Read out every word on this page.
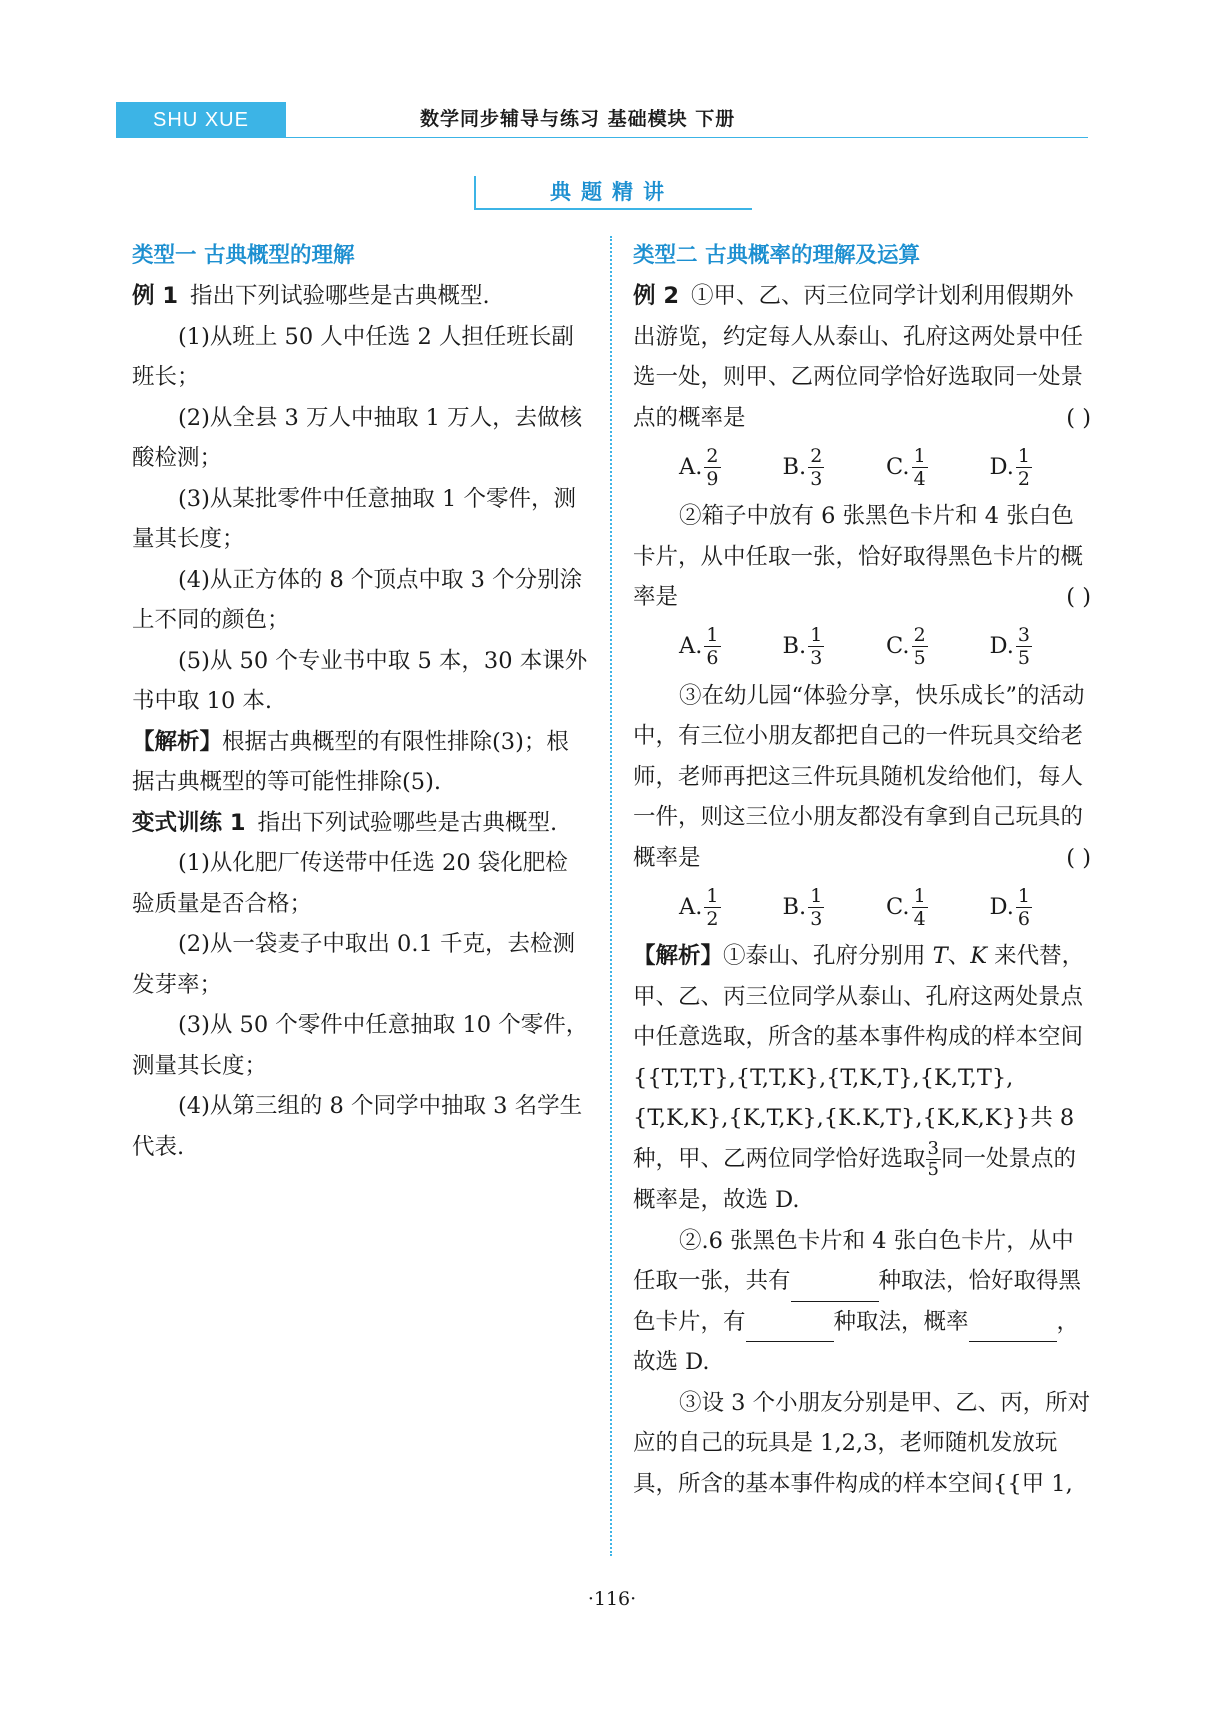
SHU XUE	数学同步辅导与练习 基础模块 下册
典题精讲

类型一 古典概型的理解

例 1 指出下列试验哪些是古典概型.

(1)从班上 50 人中任选 2 人担任班长副班长；

(2)从全县 3 万人中抽取 1 万人，去做核酸检测；

(3)从某批零件中任意抽取 1 个零件，测量其长度；

(4)从正方体的 8 个顶点中取 3 个分别涂上不同的颜色；

(5)从 50 个专业书中取 5 本，30 本课外书中取 10 本.

【解析】根据古典概型的有限性排除(3)；根据古典概型的等可能性排除(5).

变式训练 1 指出下列试验哪些是古典概型.

(1)从化肥厂传送带中任选 20 袋化肥检验质量是否合格；

(2)从一袋麦子中取出 0.1 千克，去检测发芽率；

(3)从 50 个零件中任意抽取 10 个零件，测量其长度；

(4)从第三组的 8 个同学中抽取 3 名学生代表.

类型二 古典概率的理解及运算

例 2 ①甲、乙、丙三位同学计划利用假期外出游览，约定每人从泰山、孔府这两处景中任选一处，则甲、乙两位同学恰好选取同一处景点的概率是	( )

A. $\frac{2}{9}$	B. $\frac{2}{3}$	C. $\frac{1}{4}$	D. $\frac{1}{2}$

②箱子中放有 6 张黑色卡片和 4 张白色卡片，从中任取一张，恰好取得黑色卡片的概率是	( )

A. $\frac{1}{6}$	B. $\frac{1}{3}$	C. $\frac{2}{5}$	D. $\frac{3}{5}$

③在幼儿园“体验分享，快乐成长”的活动中，有三位小朋友都把自己的一件玩具交给老师，老师再把这三件玩具随机发给他们，每人一件，则这三位小朋友都没有拿到自己玩具的概率是	( )

A. $\frac{1}{2}$	B. $\frac{1}{3}$	C. $\frac{1}{4}$	D. $\frac{1}{6}$

【解析】①泰山、孔府分别用 T、K 来代替，甲、乙、丙三位同学从泰山、孔府这两处景点中任意选取，所含的基本事件构成的样本空间{{T,T,T},{T,T,K},{T,K,T},{K,T,T},{T,K,K},{K,T,K},{K.K,T},{K,K,K}}共 8 种，甲、乙两位同学恰好选取 $\frac{3}{5}$ 同一处景点的概率是，故选 D.

②.6 张黑色卡片和 4 张白色卡片，从中任取一张，共有	种取法，恰好取得黑色卡片，有	种取法，概率	，故选 D.

③设 3 个小朋友分别是甲、乙、丙，所对应的自己的玩具是 1,2,3，老师随机发放玩具，所含的基本事件构成的样本空间{{甲 1,

·116·
